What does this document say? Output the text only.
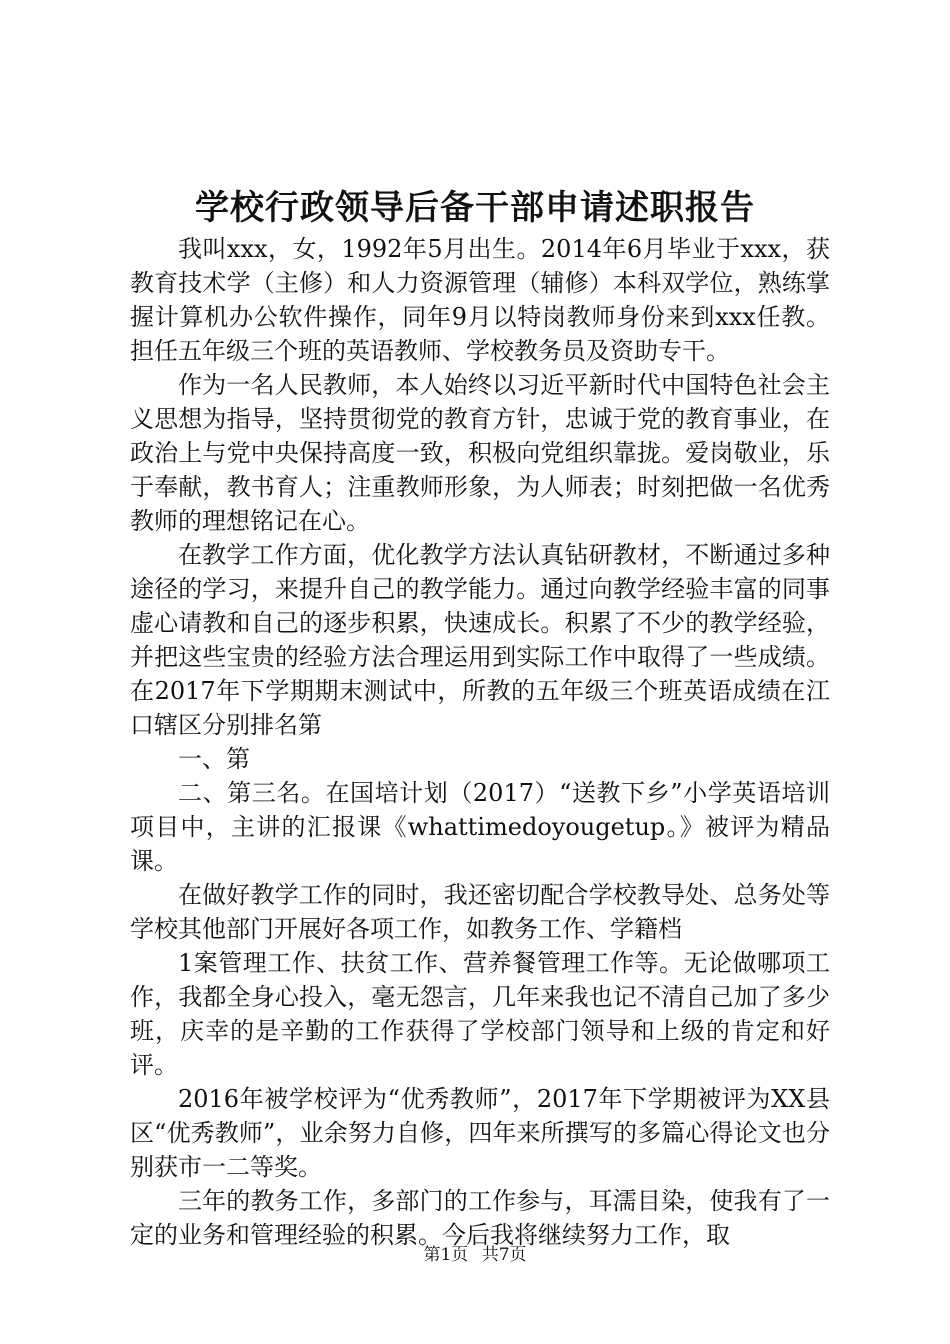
学校行政领导后备干部申请述职报告

我叫xxx，女，1992年5月出生。2014年6月毕业于xxx，获教育技术学（主修）和人力资源管理（辅修）本科双学位，熟练掌握计算机办公软件操作，同年9月以特岗教师身份来到xxx任教。担任五年级三个班的英语教师、学校教务员及资助专干。

作为一名人民教师，本人始终以习近平新时代中国特色社会主义思想为指导，坚持贯彻党的教育方针，忠诚于党的教育事业，在政治上与党中央保持高度一致，积极向党组织靠拢。爱岗敬业，乐于奉献，教书育人；注重教师形象，为人师表；时刻把做一名优秀教师的理想铭记在心。

在教学工作方面，优化教学方法认真钻研教材，不断通过多种途径的学习，来提升自己的教学能力。通过向教学经验丰富的同事虚心请教和自己的逐步积累，快速成长。积累了不少的教学经验，并把这些宝贵的经验方法合理运用到实际工作中取得了一些成绩。在2017年下学期期末测试中，所教的五年级三个班英语成绩在江口辖区分别排名第

一、第

二、第三名。在国培计划（2017）“送教下乡”小学英语培训项目中，主讲的汇报课《whattimedoyougetup。》被评为精品课。

在做好教学工作的同时，我还密切配合学校教导处、总务处等学校其他部门开展好各项工作，如教务工作、学籍档

1案管理工作、扶贫工作、营养餐管理工作等。无论做哪项工作，我都全身心投入，毫无怨言，几年来我也记不清自己加了多少班，庆幸的是辛勤的工作获得了学校部门领导和上级的肯定和好评。

2016年被学校评为“优秀教师”，2017年下学期被评为XX县区“优秀教师”，业余努力自修，四年来所撰写的多篇心得论文也分别获市一二等奖。

三年的教务工作，多部门的工作参与，耳濡目染，使我有了一定的业务和管理经验的积累。今后我将继续努力工作，取

第1页 共7页
